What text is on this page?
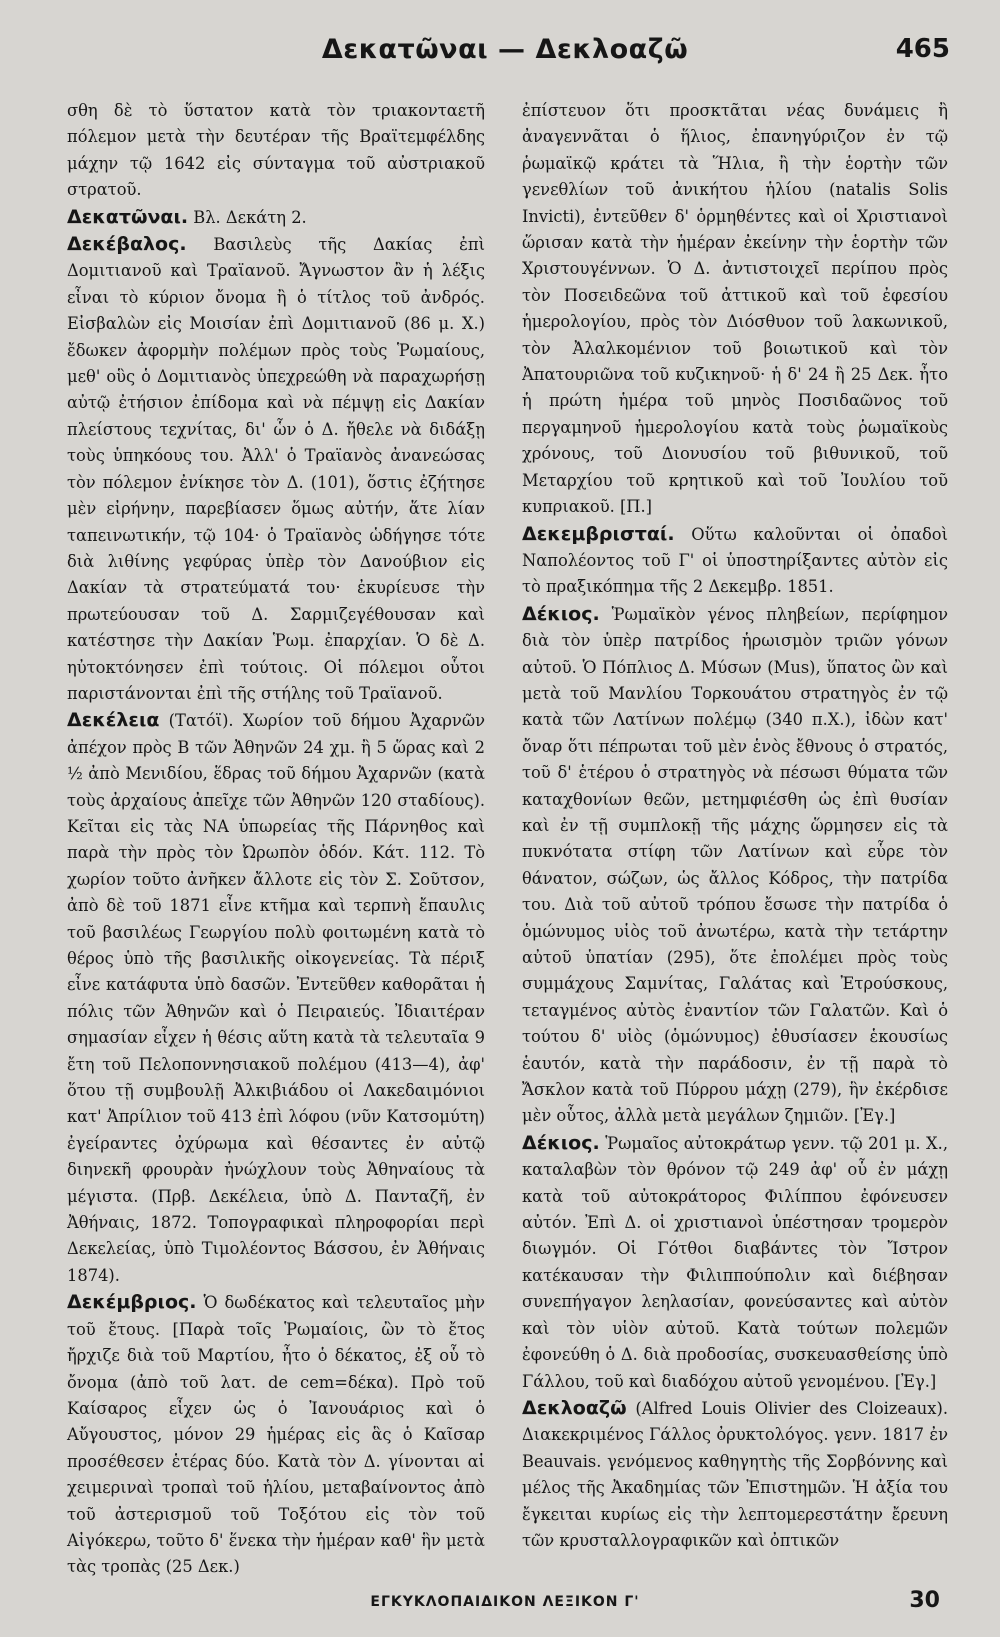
Δεκατῶναι — Δεκλοαζῶ	465

σθη δὲ τὸ ὕστατον κατὰ τὸν τριακονταετῆ πόλεμον μετὰ τὴν δευτέραν τῆς Βραϊτεμφέλδης μάχην τῷ 1642 εἰς σύνταγμα τοῦ αὐστριακοῦ στρατοῦ.

Δεκατῶναι. Βλ. Δεκάτη 2.

Δεκέβαλος. Βασιλεὺς τῆς Δακίας ἐπὶ Δομιτιανοῦ καὶ Τραϊανοῦ. Ἄγνωστον ἂν ἡ λέξις εἶναι τὸ κύριον ὄνομα ἢ ὁ τίτλος τοῦ ἀνδρός. Εἰσβαλὼν εἰς Μοισίαν ἐπὶ Δομιτιανοῦ (86 μ. Χ.) ἔδωκεν ἀφορμὴν πολέμων πρὸς τοὺς Ῥωμαίους, μεθ' οὓς ὁ Δομιτιανὸς ὑπεχρεώθη νὰ παραχωρήσῃ αὐτῷ ἐτήσιον ἐπίδομα καὶ νὰ πέμψῃ εἰς Δακίαν πλείστους τεχνίτας, δι' ὧν ὁ Δ. ἤθελε νὰ διδάξῃ τοὺς ὑπηκόους του. Ἀλλ' ὁ Τραϊανὸς ἀνανεώσας τὸν πόλεμον ἐνίκησε τὸν Δ. (101), ὅστις ἐζήτησε μὲν εἰρήνην, παρεβίασεν ὅμως αὐτήν, ἅτε λίαν ταπεινωτικήν, τῷ 104· ὁ Τραϊανὸς ὡδήγησε τότε διὰ λιθίνης γεφύρας ὑπὲρ τὸν Δανούβιον εἰς Δακίαν τὰ στρατεύματά του· ἐκυρίευσε τὴν πρωτεύουσαν τοῦ Δ. Σαρμιζεγέθουσαν καὶ κατέστησε τὴν Δακίαν Ῥωμ. ἐπαρχίαν. Ὁ δὲ Δ. ηὐτοκτόνησεν ἐπὶ τούτοις. Οἱ πόλεμοι οὗτοι παριστάνονται ἐπὶ τῆς στήλης τοῦ Τραϊανοῦ.

Δεκέλεια (Τατόϊ). Χωρίον τοῦ δήμου Ἀχαρνῶν ἀπέχον πρὸς Β τῶν Ἀθηνῶν 24 χμ. ἢ 5 ὥρας καὶ 2 ½ ἀπὸ Μενιδίου, ἕδρας τοῦ δήμου Ἀχαρνῶν (κατὰ τοὺς ἀρχαίους ἀπεῖχε τῶν Ἀθηνῶν 120 σταδίους). Κεῖται εἰς τὰς ΝΑ ὑπωρείας τῆς Πάρνηθος καὶ παρὰ τὴν πρὸς τὸν Ὠρωπὸν ὁδόν. Κάτ. 112. Τὸ χωρίον τοῦτο ἀνῆκεν ἄλλοτε εἰς τὸν Σ. Σοῦτσον, ἀπὸ δὲ τοῦ 1871 εἶνε κτῆμα καὶ τερπνὴ ἔπαυλις τοῦ βασιλέως Γεωργίου πολὺ φοιτωμένη κατὰ τὸ θέρος ὑπὸ τῆς βασιλικῆς οἰκογενείας. Τὰ πέριξ εἶνε κατάφυτα ὑπὸ δασῶν. Ἐντεῦθεν καθορᾶται ἡ πόλις τῶν Ἀθηνῶν καὶ ὁ Πειραιεύς. Ἰδιαιτέραν σημασίαν εἶχεν ἡ θέσις αὕτη κατὰ τὰ τελευταῖα 9 ἔτη τοῦ Πελοποννησιακοῦ πολέμου (413—4), ἀφ' ὅτου τῇ συμβουλῇ Ἀλκιβιάδου οἱ Λακεδαιμόνιοι κατ' Ἀπρίλιον τοῦ 413 ἐπὶ λόφου (νῦν Κατσομύτη) ἐγείραντες ὀχύρωμα καὶ θέσαντες ἐν αὐτῷ διηνεκῆ φρουρὰν ἠνώχλουν τοὺς Ἀθηναίους τὰ μέγιστα. (Πρβ. Δεκέλεια, ὑπὸ Δ. Πανταζῆ, ἐν Ἀθήναις, 1872. Τοπογραφικαὶ πληροφορίαι περὶ Δεκελείας, ὑπὸ Τιμολέοντος Βάσσου, ἐν Ἀθήναις 1874).

Δεκέμβριος. Ὁ δωδέκατος καὶ τελευταῖος μὴν τοῦ ἔτους. [Παρὰ τοῖς Ῥωμαίοις, ὢν τὸ ἔτος ἤρχιζε διὰ τοῦ Μαρτίου, ἦτο ὁ δέκατος, ἐξ οὗ τὸ ὄνομα (ἀπὸ τοῦ λατ. de cem=δέκα). Πρὸ τοῦ Καίσαρος εἶχεν ὡς ὁ Ἰανουάριος καὶ ὁ Αὔγουστος, μόνον 29 ἡμέρας εἰς ἃς ὁ Καῖσαρ προσέθεσεν ἑτέρας δύο. Κατὰ τὸν Δ. γίνονται αἱ χειμεριναὶ τροπαὶ τοῦ ἡλίου, μεταβαίνοντος ἀπὸ τοῦ ἀστερισμοῦ τοῦ Τοξότου εἰς τὸν τοῦ Αἰγόκερω, τοῦτο δ' ἕνεκα τὴν ἡμέραν καθ' ἣν μετὰ τὰς τροπὰς (25 Δεκ.)

ἐπίστευον ὅτι προσκτᾶται νέας δυνάμεις ἢ ἀναγεννᾶται ὁ ἥλιος, ἐπανηγύριζον ἐν τῷ ῥωμαϊκῷ κράτει τὰ Ἥλια, ἢ τὴν ἑορτὴν τῶν γενεθλίων τοῦ ἀνικήτου ἡλίου (natalis Solis Invicti), ἐντεῦθεν δ' ὁρμηθέντες καὶ οἱ Χριστιανοὶ ὥρισαν κατὰ τὴν ἡμέραν ἐκείνην τὴν ἑορτὴν τῶν Χριστουγέννων. Ὁ Δ. ἀντιστοιχεῖ περίπου πρὸς τὸν Ποσειδεῶνα τοῦ ἀττικοῦ καὶ τοῦ ἐφεσίου ἡμερολογίου, πρὸς τὸν Διόσθυον τοῦ λακωνικοῦ, τὸν Ἀλαλκομένιον τοῦ βοιωτικοῦ καὶ τὸν Ἀπατουριῶνα τοῦ κυζικηνοῦ· ἡ δ' 24 ἢ 25 Δεκ. ἦτο ἡ πρώτη ἡμέρα τοῦ μηνὸς Ποσιδαῶνος τοῦ περγαμηνοῦ ἡμερολογίου κατὰ τοὺς ῥωμαϊκοὺς χρόνους, τοῦ Διονυσίου τοῦ βιθυνικοῦ, τοῦ Μεταρχίου τοῦ κρητικοῦ καὶ τοῦ Ἰουλίου τοῦ κυπριακοῦ. [Π.]

Δεκεμβρισταί. Οὕτω καλοῦνται οἱ ὀπαδοὶ Ναπολέοντος τοῦ Γ' οἱ ὑποστηρίξαντες αὐτὸν εἰς τὸ πραξικόπημα τῆς 2 Δεκεμβρ. 1851.

Δέκιος. Ῥωμαϊκὸν γένος πληβείων, περίφημον διὰ τὸν ὑπὲρ πατρίδος ἡρωισμὸν τριῶν γόνων αὐτοῦ. Ὁ Πόπλιος Δ. Μύσων (Mus), ὕπατος ὢν καὶ μετὰ τοῦ Μανλίου Τορκουάτου στρατηγὸς ἐν τῷ κατὰ τῶν Λατίνων πολέμῳ (340 π.Χ.), ἰδὼν κατ' ὄναρ ὅτι πέπρωται τοῦ μὲν ἑνὸς ἔθνους ὁ στρατός, τοῦ δ' ἑτέρου ὁ στρατηγὸς νὰ πέσωσι θύματα τῶν καταχθονίων θεῶν, μετημφιέσθη ὡς ἐπὶ θυσίαν καὶ ἐν τῇ συμπλοκῇ τῆς μάχης ὥρμησεν εἰς τὰ πυκνότατα στίφη τῶν Λατίνων καὶ εὗρε τὸν θάνατον, σώζων, ὡς ἄλλος Κόδρος, τὴν πατρίδα του. Διὰ τοῦ αὐτοῦ τρόπου ἔσωσε τὴν πατρίδα ὁ ὁμώνυμος υἱὸς τοῦ ἀνωτέρω, κατὰ τὴν τετάρτην αὐτοῦ ὑπατίαν (295), ὅτε ἐπολέμει πρὸς τοὺς συμμάχους Σαμνίτας, Γαλάτας καὶ Ἐτρούσκους, τεταγμένος αὐτὸς ἐναντίον τῶν Γαλατῶν. Καὶ ὁ τούτου δ' υἱὸς (ὁμώνυμος) ἐθυσίασεν ἑκουσίως ἑαυτόν, κατὰ τὴν παράδοσιν, ἐν τῇ παρὰ τὸ Ἄσκλον κατὰ τοῦ Πύρρου μάχῃ (279), ἣν ἐκέρδισε μὲν οὗτος, ἀλλὰ μετὰ μεγάλων ζημιῶν. [Ἐγ.]

Δέκιος. Ῥωμαῖος αὐτοκράτωρ γενν. τῷ 201 μ. Χ., καταλαβὼν τὸν θρόνον τῷ 249 ἀφ' οὗ ἐν μάχῃ κατὰ τοῦ αὐτοκράτορος Φιλίππου ἐφόνευσεν αὐτόν. Ἐπὶ Δ. οἱ χριστιανοὶ ὑπέστησαν τρομερὸν διωγμόν. Οἱ Γότθοι διαβάντες τὸν Ἴστρον κατέκαυσαν τὴν Φιλιππούπολιν καὶ διέβησαν συνεπήγαγον λεηλασίαν, φονεύσαντες καὶ αὐτὸν καὶ τὸν υἱὸν αὐτοῦ. Κατὰ τούτων πολεμῶν ἐφονεύθη ὁ Δ. διὰ προδοσίας, συσκευασθείσης ὑπὸ Γάλλου, τοῦ καὶ διαδόχου αὐτοῦ γενομένου. [Ἐγ.]

Δεκλοαζῶ (Alfred Louis Olivier des Cloizeaux). Διακεκριμένος Γάλλος ὀρυκτολόγος. γενν. 1817 ἐν Beauvais. γενόμενος καθηγητὴς τῆς Σορβόννης καὶ μέλος τῆς Ἀκαδημίας τῶν Ἐπιστημῶν. Ἡ ἀξία του ἔγκειται κυρίως εἰς τὴν λεπτομερεστάτην ἔρευνη τῶν κρυσταλλογραφικῶν καὶ ὀπτικῶν

ΕΓΚΥΚΛΟΠΑΙΔΙΚΟΝ ΛΕΞΙΚΟΝ Γ'	30
